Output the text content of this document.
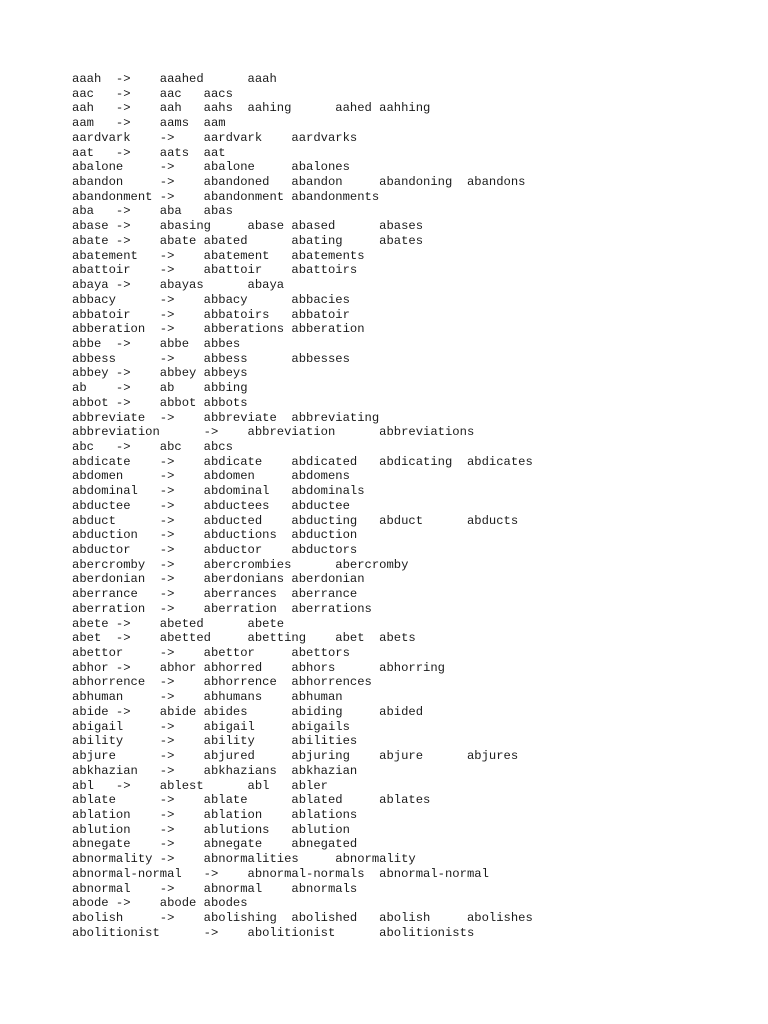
aaah  ->    aaahed      aaah
aac   ->    aac   aacs
aah   ->    aah   aahs  aahing      aahed aahhing
aam   ->    aams  aam
aardvark    ->    aardvark    aardvarks
aat   ->    aats  aat
abalone     ->    abalone     abalones
abandon     ->    abandoned   abandon     abandoning  abandons
abandonment ->    abandonment abandonments
aba   ->    aba   abas
abase ->    abasing     abase abased      abases
abate ->    abate abated      abating     abates
abatement   ->    abatement   abatements
abattoir    ->    abattoir    abattoirs
abaya ->    abayas      abaya
abbacy      ->    abbacy      abbacies
abbatoir    ->    abbatoirs   abbatoir
abberation  ->    abberations abberation
abbe  ->    abbe  abbes
abbess      ->    abbess      abbesses
abbey ->    abbey abbeys
ab    ->    ab    abbing
abbot ->    abbot abbots
abbreviate  ->    abbreviate  abbreviating
abbreviation      ->    abbreviation      abbreviations
abc   ->    abc   abcs
abdicate    ->    abdicate    abdicated   abdicating  abdicates
abdomen     ->    abdomen     abdomens
abdominal   ->    abdominal   abdominals
abductee    ->    abductees   abductee
abduct      ->    abducted    abducting   abduct      abducts
abduction   ->    abductions  abduction
abductor    ->    abductor    abductors
abercromby  ->    abercrombies      abercromby
aberdonian  ->    aberdonians aberdonian
aberrance   ->    aberrances  aberrance
aberration  ->    aberration  aberrations
abete ->    abeted      abete
abet  ->    abetted     abetting    abet  abets
abettor     ->    abettor     abettors
abhor ->    abhor abhorred    abhors      abhorring
abhorrence  ->    abhorrence  abhorrences
abhuman     ->    abhumans    abhuman
abide ->    abide abides      abiding     abided
abigail     ->    abigail     abigails
ability     ->    ability     abilities
abjure      ->    abjured     abjuring    abjure      abjures
abkhazian   ->    abkhazians  abkhazian
abl   ->    ablest      abl   abler
ablate      ->    ablate      ablated     ablates
ablation    ->    ablation    ablations
ablution    ->    ablutions   ablution
abnegate    ->    abnegate    abnegated
abnormality ->    abnormalities     abnormality
abnormal-normal   ->    abnormal-normals  abnormal-normal
abnormal    ->    abnormal    abnormals
abode ->    abode abodes
abolish     ->    abolishing  abolished   abolish     abolishes
abolitionist      ->    abolitionist      abolitionists
